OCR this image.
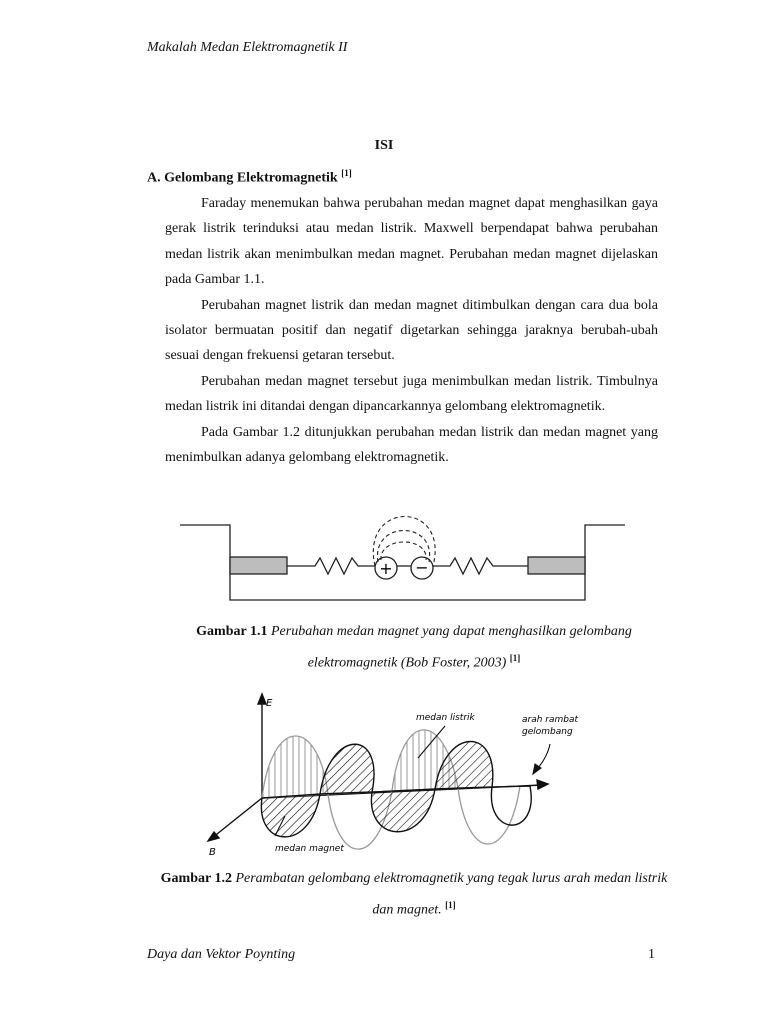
Makalah Medan Elektromagnetik II
ISI
A. Gelombang Elektromagnetik [1]

Faraday menemukan bahwa perubahan medan magnet dapat menghasilkan gaya gerak listrik terinduksi atau medan listrik. Maxwell berpendapat bahwa perubahan medan listrik akan menimbulkan medan magnet. Perubahan medan magnet dijelaskan pada Gambar 1.1.

Perubahan magnet listrik dan medan magnet ditimbulkan dengan cara dua bola isolator bermuatan positif dan negatif digetarkan sehingga jaraknya berubah-ubah sesuai dengan frekuensi getaran tersebut.

Perubahan medan magnet tersebut juga menimbulkan medan listrik. Timbulnya medan listrik ini ditandai dengan dipancarkannya gelombang elektromagnetik.

Pada Gambar 1.2 ditunjukkan perubahan medan listrik dan medan magnet yang menimbulkan adanya gelombang elektromagnetik.

+ −
Gambar 1.1 Perubahan medan magnet yang dapat menghasilkan gelombang elektromagnetik (Bob Foster, 2003) [1]
E
B
medan listrik	arah rambat
gelombang
medan magnet
Gambar 1.2 Perambatan gelombang elektromagnetik yang tegak lurus arah medan listrik dan magnet. [1]
Daya dan Vektor Poynting	1
